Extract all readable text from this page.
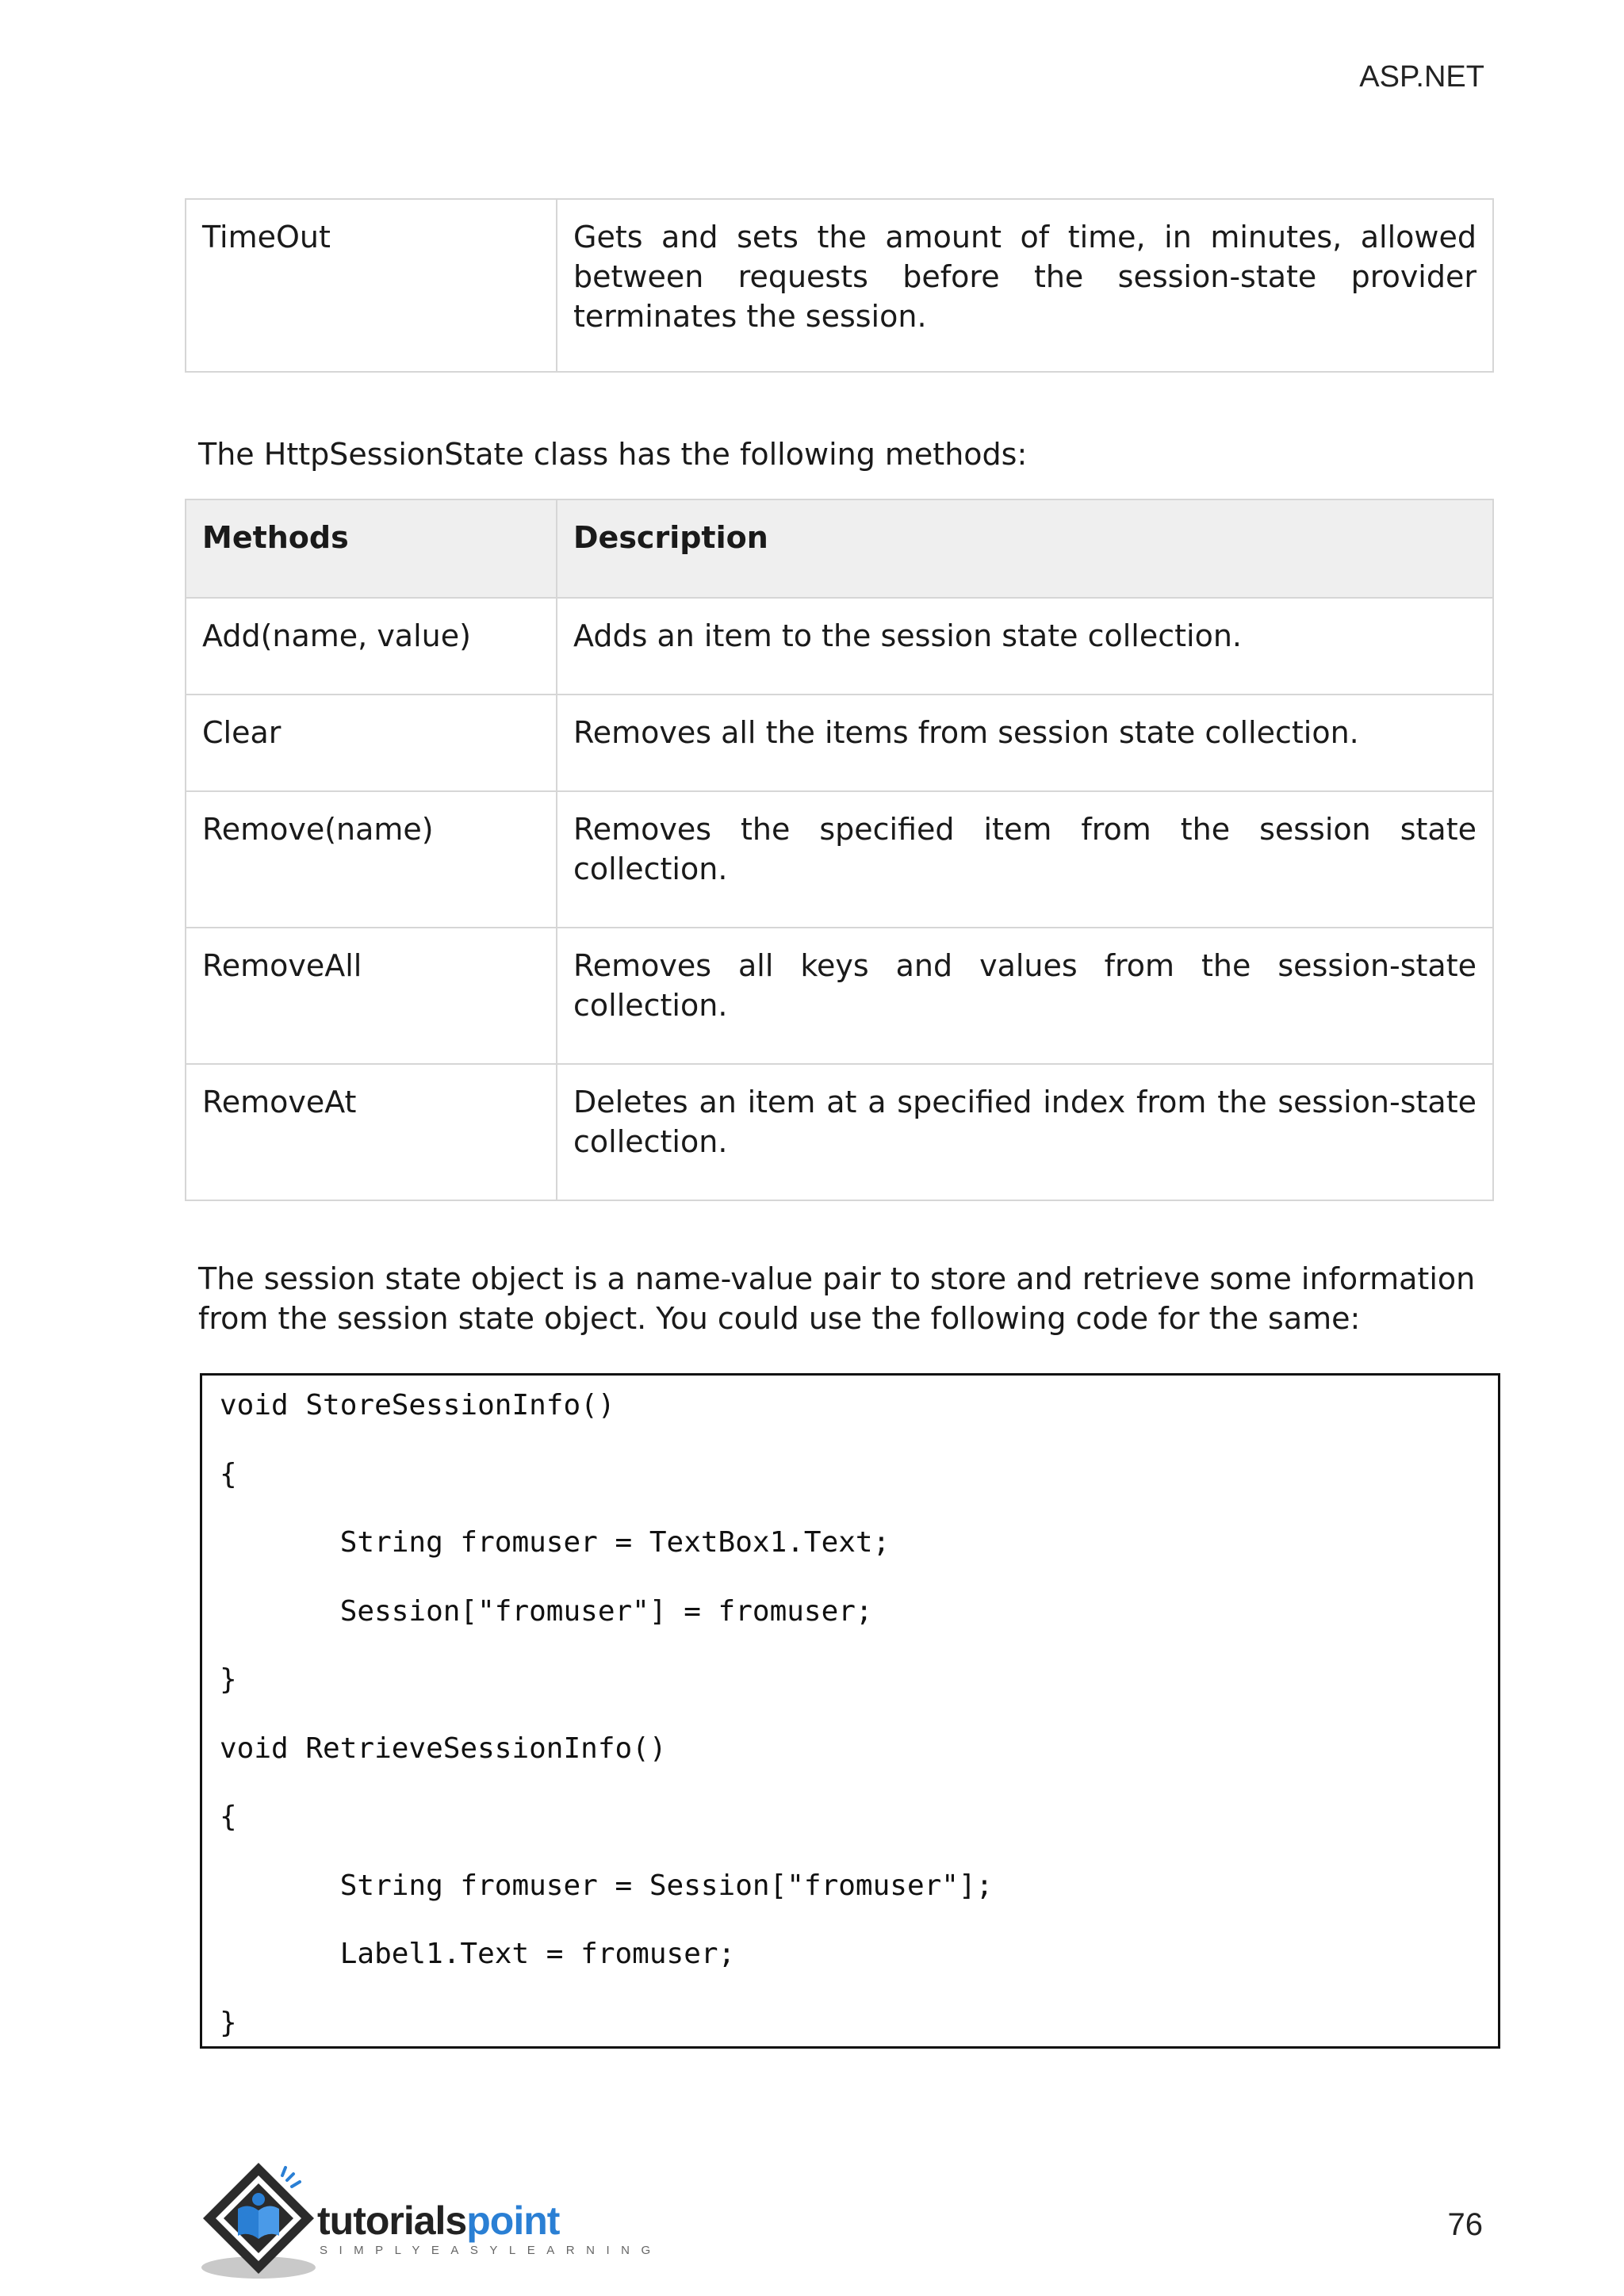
ASP.NET
TimeOut	Gets and sets the amount of time, in minutes, allowed between requests before the session-state provider terminates the session.
The HttpSessionState class has the following methods:
Methods	Description
Add(name, value)	Adds an item to the session state collection.
Clear	Removes all the items from session state collection.
Remove(name)	Removes the specified item from the session state collection.
RemoveAll	Removes all keys and values from the session-state collection.
RemoveAt	Deletes an item at a specified index from the session-state collection.
The session state object is a name-value pair to store and retrieve some information from the session state object. You could use the following code for the same:
void StoreSessionInfo()
{
String fromuser = TextBox1.Text;
Session["fromuser"] = fromuser;
}
void RetrieveSessionInfo()
{
String fromuser = Session["fromuser"];
Label1.Text = fromuser;
}
tutorialspoint
SIMPLYEASYLEARNING
76
